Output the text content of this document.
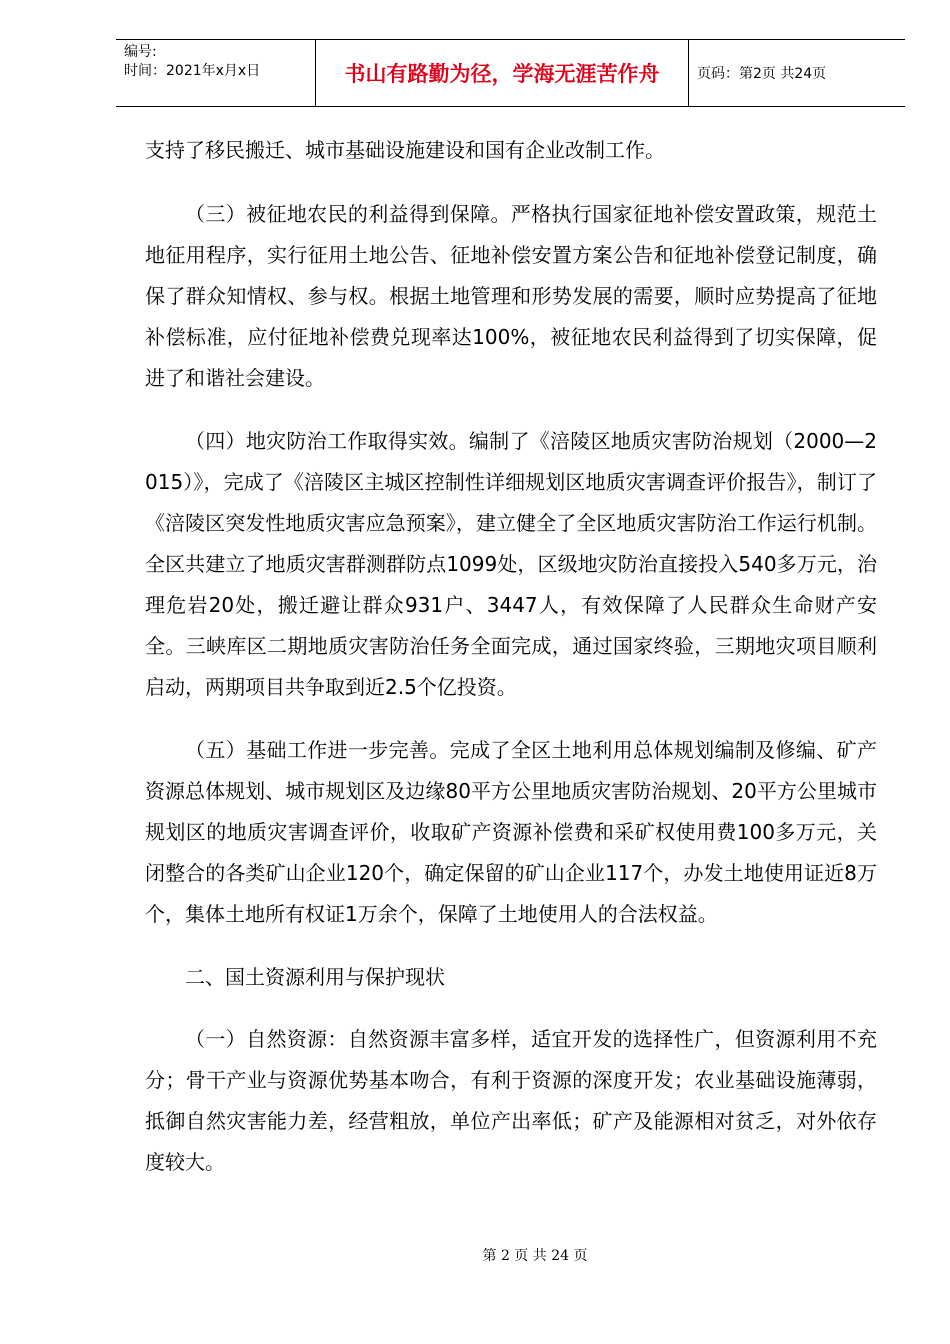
编号:
时间：2021年x月x日	书山有路勤为径，学海无涯苦作舟	页码：第2页 共24页

支持了移民搬迁、城市基础设施建设和国有企业改制工作。

（三）被征地农民的利益得到保障。严格执行国家征地补偿安置政策，规范土地征用程序，实行征用土地公告、征地补偿安置方案公告和征地补偿登记制度，确保了群众知情权、参与权。根据土地管理和形势发展的需要，顺时应势提高了征地补偿标准，应付征地补偿费兑现率达100%，被征地农民利益得到了切实保障，促进了和谐社会建设。

（四）地灾防治工作取得实效。编制了《涪陵区地质灾害防治规划（2000—2015）》，完成了《涪陵区主城区控制性详细规划区地质灾害调查评价报告》，制订了《涪陵区突发性地质灾害应急预案》，建立健全了全区地质灾害防治工作运行机制。全区共建立了地质灾害群测群防点1099处，区级地灾防治直接投入540多万元，治理危岩20处，搬迁避让群众931户、3447人，有效保障了人民群众生命财产安全。三峡库区二期地质灾害防治任务全面完成，通过国家终验，三期地灾项目顺利启动，两期项目共争取到近2.5个亿投资。

（五）基础工作进一步完善。完成了全区土地利用总体规划编制及修编、矿产资源总体规划、城市规划区及边缘80平方公里地质灾害防治规划、20平方公里城市规划区的地质灾害调查评价，收取矿产资源补偿费和采矿权使用费100多万元，关闭整合的各类矿山企业120个，确定保留的矿山企业117个，办发土地使用证近8万个，集体土地所有权证1万余个，保障了土地使用人的合法权益。

二、国土资源利用与保护现状

（一）自然资源：自然资源丰富多样，适宜开发的选择性广，但资源利用不充分；骨干产业与资源优势基本吻合，有利于资源的深度开发；农业基础设施薄弱，抵御自然灾害能力差，经营粗放，单位产出率低；矿产及能源相对贫乏，对外依存度较大。

第 2 页 共 24 页
